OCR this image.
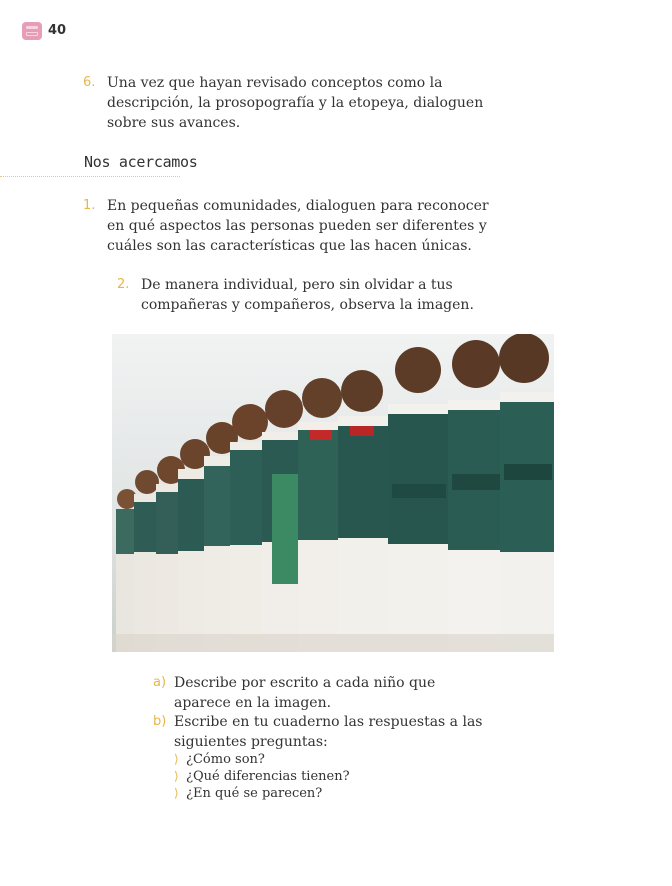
40
6. Una vez que hayan revisado conceptos como la descripción, la prosopografía y la etopeya, dialoguen sobre sus avances.
Nos acercamos
1. En pequeñas comunidades, dialoguen para reconocer en qué aspectos las personas pueden ser diferentes y cuáles son las características que las hacen únicas.
2. De manera individual, pero sin olvidar a tus compañeras y compañeros, observa la imagen.
a) Describe por escrito a cada niño que aparece en la imagen.
b) Escribe en tu cuaderno las respuestas a las siguientes preguntas:
⟩ ¿Cómo son?
⟩ ¿Qué diferencias tienen?
⟩ ¿En qué se parecen?
